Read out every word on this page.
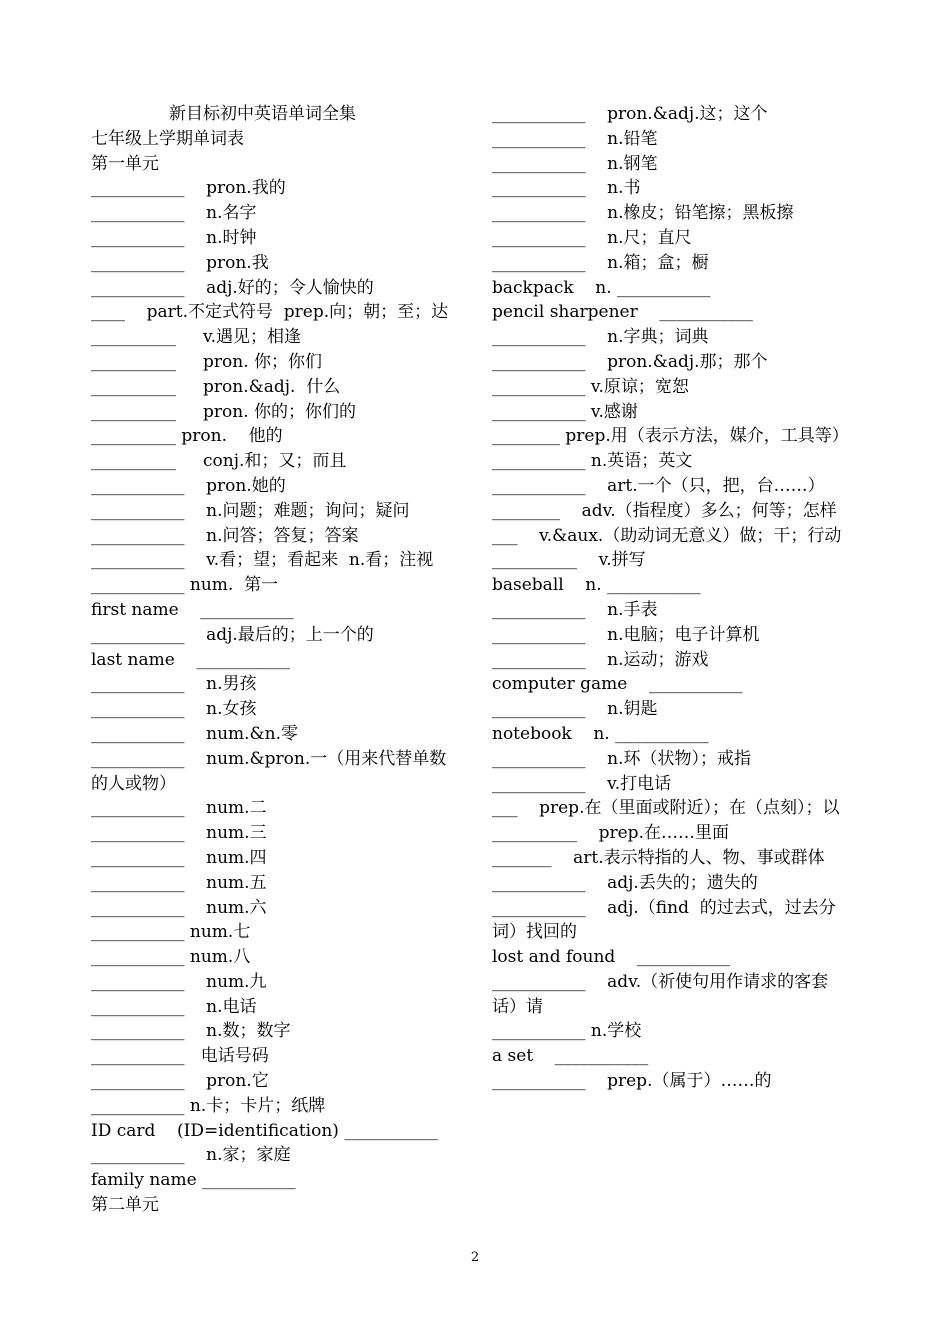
新目标初中英语单词全集
七年级上学期单词表
第一单元
___________    pron.我的
___________    n.名字
___________    n.时钟
___________    pron.我
___________    adj.好的；令人愉快的
____    part.不定式符号  prep.向；朝；至；达
__________     v.遇见；相逢
__________     pron. 你；你们
__________     pron.&adj.  什么
__________     pron. 你的；你们的
__________ pron.    他的
__________     conj.和；又；而且
___________    pron.她的
___________    n.问题；难题；询问；疑问
___________    n.问答；答复；答案
___________    v.看；望；看起来  n.看；注视
___________ num.  第一
first name    ___________
___________    adj.最后的；上一个的
last name    ___________
___________    n.男孩
___________    n.女孩
___________    num.&n.零
___________    num.&pron.一（用来代替单数
的人或物）
___________    num.二
___________    num.三
___________    num.四
___________    num.五
___________    num.六
___________ num.七
___________ num.八
___________    num.九
___________    n.电话
___________    n.数；数字
___________   电话号码
___________    pron.它
___________ n.卡；卡片；纸牌
ID card    (ID=identification) ___________
___________    n.家；家庭
family name ___________
第二单元
___________    pron.&adj.这；这个
___________    n.铅笔
___________    n.钢笔
___________    n.书
___________    n.橡皮；铅笔擦；黑板擦
___________    n.尺；直尺
___________    n.箱；盒；橱
backpack    n. ___________
pencil sharpener    ___________
___________    n.字典；词典
___________    pron.&adj.那；那个
___________ v.原谅；宽恕
___________ v.感谢
________ prep.用（表示方法，媒介，工具等）
___________ n.英语；英文
___________    art.一个（只，把，台……）
________    adv.（指程度）多么；何等；怎样
___    v.&aux.（助动词无意义）做；干；行动
__________    v.拼写
baseball    n. ___________
___________    n.手表
___________    n.电脑；电子计算机
___________    n.运动；游戏
computer game    ___________
___________    n.钥匙
notebook    n. ___________
___________    n.环（状物）；戒指
___________    v.打电话
___    prep.在（里面或附近）；在（点刻）；以
__________    prep.在……里面
_______    art.表示特指的人、物、事或群体
___________    adj.丢失的；遗失的
___________    adj.（find  的过去式，过去分
词）找回的
lost and found    ___________
___________    adv.（祈使句用作请求的客套
话）请
___________ n.学校
a set    ___________
___________    prep.（属于）……的
2
